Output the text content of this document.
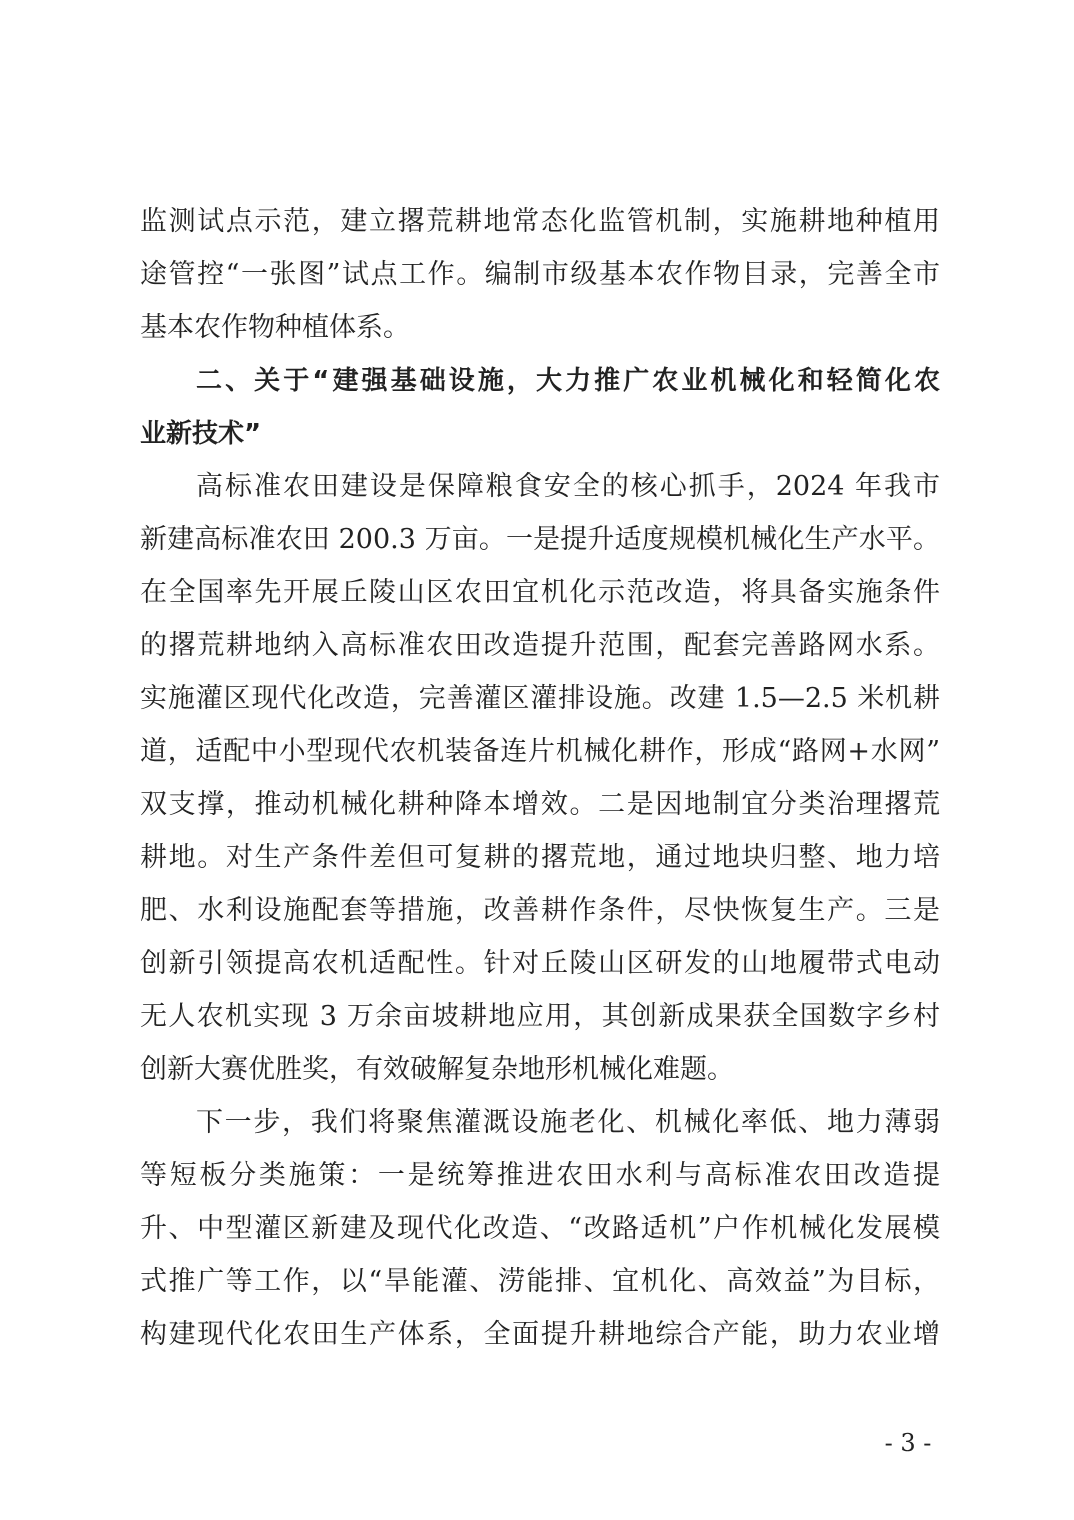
监测试点示范，建立撂荒耕地常态化监管机制，实施耕地种植用
途管控“一张图”试点工作。编制市级基本农作物目录，完善全市
基本农作物种植体系。
二、关于“建强基础设施，大力推广农业机械化和轻简化农
业新技术”
高标准农田建设是保障粮食安全的核心抓手，2024 年我市
新建高标准农田 200.3 万亩。一是提升适度规模机械化生产水平。
在全国率先开展丘陵山区农田宜机化示范改造，将具备实施条件
的撂荒耕地纳入高标准农田改造提升范围，配套完善路网水系。
实施灌区现代化改造，完善灌区灌排设施。改建 1.5—2.5 米机耕
道，适配中小型现代农机装备连片机械化耕作，形成“路网+水网”
双支撑，推动机械化耕种降本增效。二是因地制宜分类治理撂荒
耕地。对生产条件差但可复耕的撂荒地，通过地块归整、地力培
肥、水利设施配套等措施，改善耕作条件，尽快恢复生产。三是
创新引领提高农机适配性。针对丘陵山区研发的山地履带式电动
无人农机实现 3 万余亩坡耕地应用，其创新成果获全国数字乡村
创新大赛优胜奖，有效破解复杂地形机械化难题。
下一步，我们将聚焦灌溉设施老化、机械化率低、地力薄弱
等短板分类施策：一是统筹推进农田水利与高标准农田改造提
升、中型灌区新建及现代化改造、“改路适机”户作机械化发展模
式推广等工作，以“旱能灌、涝能排、宜机化、高效益”为目标，
构建现代化农田生产体系，全面提升耕地综合产能，助力农业增
- 3 -
